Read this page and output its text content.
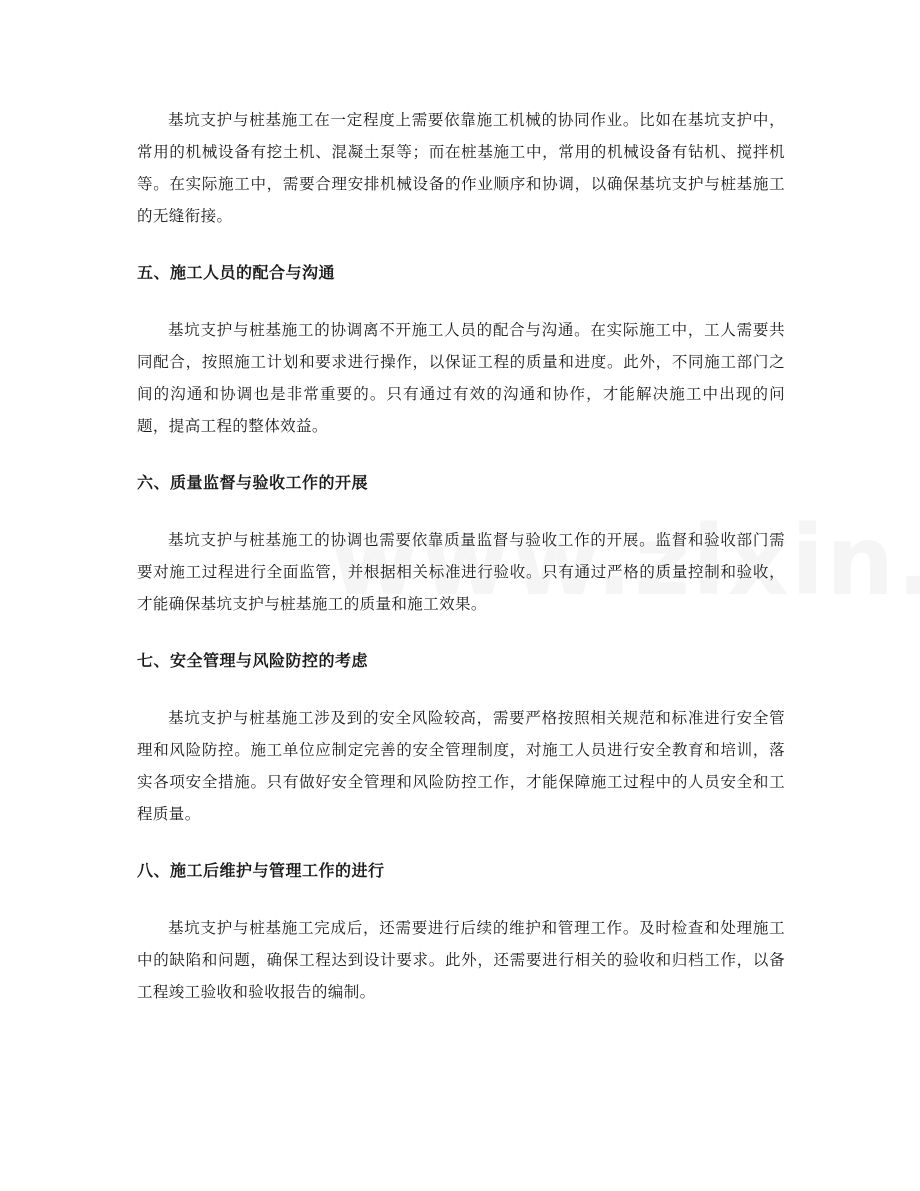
基坑支护与桩基施工在一定程度上需要依靠施工机械的协同作业。比如在基坑支护中，常用的机械设备有挖土机、混凝土泵等；而在桩基施工中，常用的机械设备有钻机、搅拌机等。在实际施工中，需要合理安排机械设备的作业顺序和协调，以确保基坑支护与桩基施工的无缝衔接。

五、施工人员的配合与沟通

基坑支护与桩基施工的协调离不开施工人员的配合与沟通。在实际施工中，工人需要共同配合，按照施工计划和要求进行操作，以保证工程的质量和进度。此外，不同施工部门之间的沟通和协调也是非常重要的。只有通过有效的沟通和协作，才能解决施工中出现的问题，提高工程的整体效益。

六、质量监督与验收工作的开展

基坑支护与桩基施工的协调也需要依靠质量监督与验收工作的开展。监督和验收部门需要对施工过程进行全面监管，并根据相关标准进行验收。只有通过严格的质量控制和验收，才能确保基坑支护与桩基施工的质量和施工效果。

七、安全管理与风险防控的考虑

基坑支护与桩基施工涉及到的安全风险较高，需要严格按照相关规范和标准进行安全管理和风险防控。施工单位应制定完善的安全管理制度，对施工人员进行安全教育和培训，落实各项安全措施。只有做好安全管理和风险防控工作，才能保障施工过程中的人员安全和工程质量。

八、施工后维护与管理工作的进行

基坑支护与桩基施工完成后，还需要进行后续的维护和管理工作。及时检查和处理施工中的缺陷和问题，确保工程达到设计要求。此外，还需要进行相关的验收和归档工作，以备工程竣工验收和验收报告的编制。
